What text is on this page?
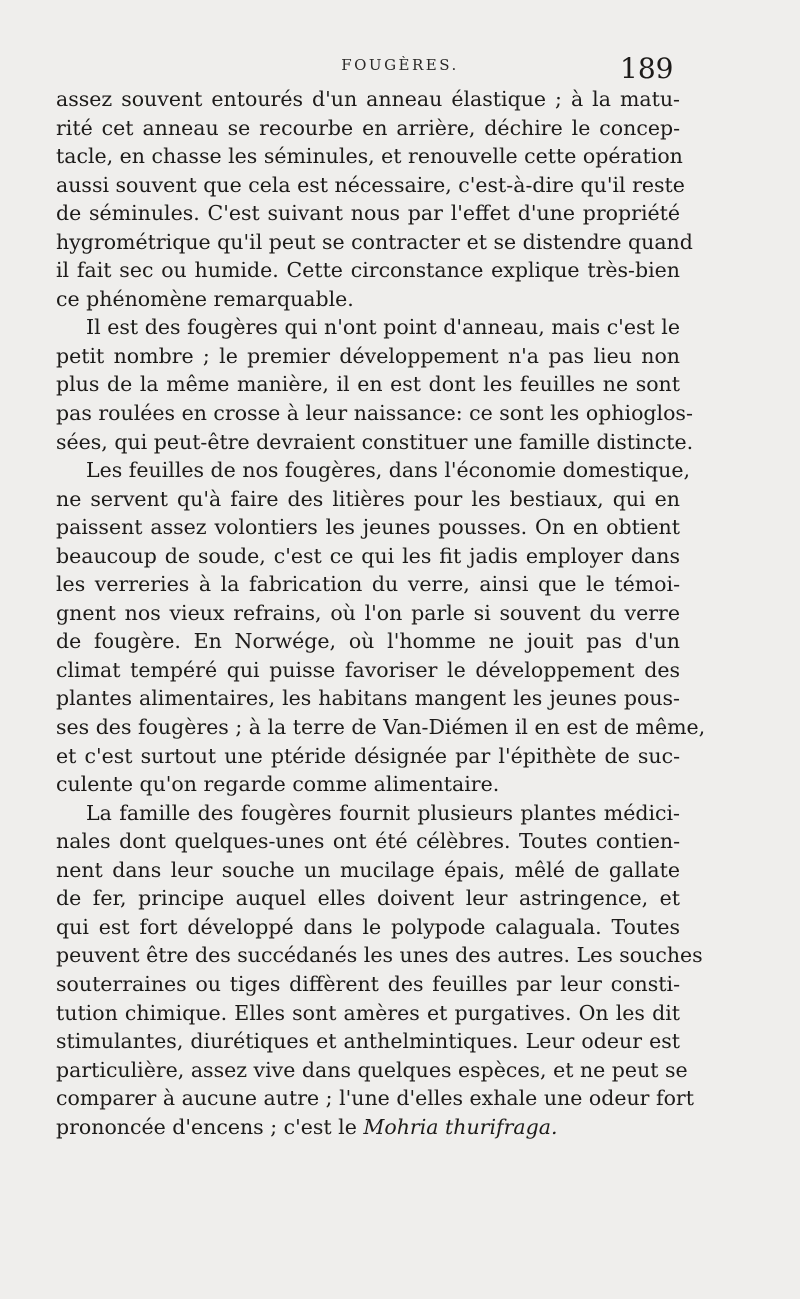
FOUGÈRES.	189
assez souvent entourés d'un anneau élastique ; à la matu-
rité cet anneau se recourbe en arrière, déchire le concep-
tacle, en chasse les séminules, et renouvelle cette opération
aussi souvent que cela est nécessaire, c'est-à-dire qu'il reste
de séminules. C'est suivant nous par l'effet d'une propriété
hygrométrique qu'il peut se contracter et se distendre quand
il fait sec ou humide. Cette circonstance explique très-bien
ce phénomène remarquable.
Il est des fougères qui n'ont point d'anneau, mais c'est le
petit nombre ; le premier développement n'a pas lieu non
plus de la même manière, il en est dont les feuilles ne sont
pas roulées en crosse à leur naissance: ce sont les ophioglos-
sées, qui peut-être devraient constituer une famille distincte.
Les feuilles de nos fougères, dans l'économie domestique,
ne servent qu'à faire des litières pour les bestiaux, qui en
paissent assez volontiers les jeunes pousses. On en obtient
beaucoup de soude, c'est ce qui les fit jadis employer dans
les verreries à la fabrication du verre, ainsi que le témoi-
gnent nos vieux refrains, où l'on parle si souvent du verre
de fougère. En Norwége, où l'homme ne jouit pas d'un
climat tempéré qui puisse favoriser le développement des
plantes alimentaires, les habitans mangent les jeunes pous-
ses des fougères ; à la terre de Van-Diémen il en est de même,
et c'est surtout une ptéride désignée par l'épithète de suc-
culente qu'on regarde comme alimentaire.
La famille des fougères fournit plusieurs plantes médici-
nales dont quelques-unes ont été célèbres. Toutes contien-
nent dans leur souche un mucilage épais, mêlé de gallate
de fer, principe auquel elles doivent leur astringence, et
qui est fort développé dans le polypode calaguala. Toutes
peuvent être des succédanés les unes des autres. Les souches
souterraines ou tiges diffèrent des feuilles par leur consti-
tution chimique. Elles sont amères et purgatives. On les dit
stimulantes, diurétiques et anthelmintiques. Leur odeur est
particulière, assez vive dans quelques espèces, et ne peut se
comparer à aucune autre ; l'une d'elles exhale une odeur fort
prononcée d'encens ; c'est le Mohria thurifraga.
